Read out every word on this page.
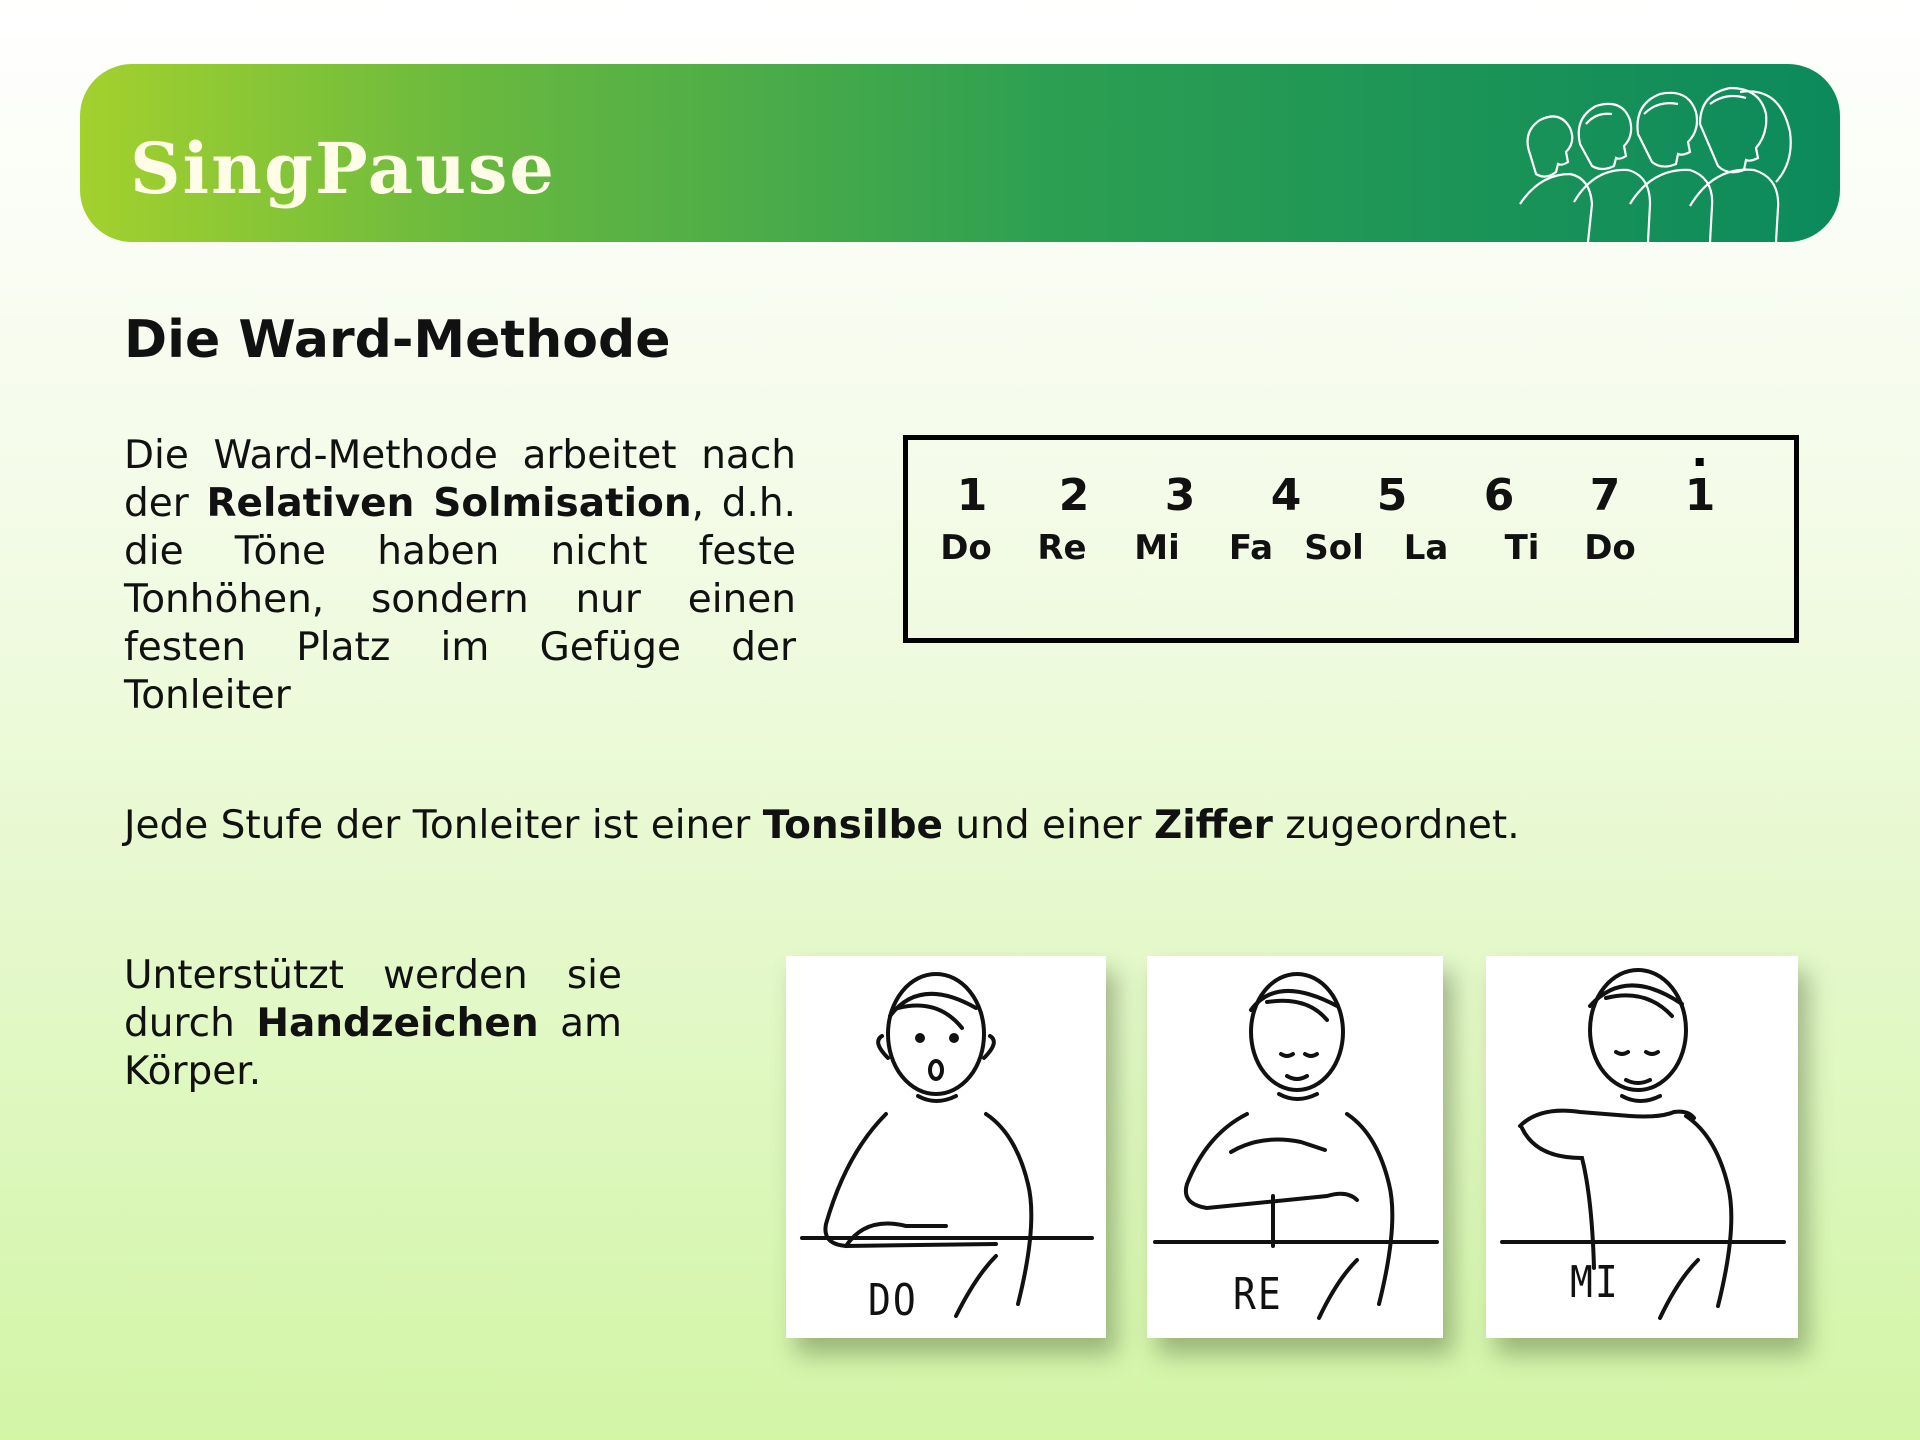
SingPause
Die Ward-Methode

Die Ward-Methode arbeitet nach der Relativen Solmisation, d.h. die Töne haben nicht feste Tonhöhen, sondern nur einen festen Platz im Gefüge der Tonleiter

1 2 3 4 5 6 7 1
Do Re Mi Fa Sol La Ti Do

Jede Stufe der Tonleiter ist einer Tonsilbe und einer Ziffer zugeordnet.

Unterstützt werden sie durch Handzeichen am Körper.

DO	RE	MI
